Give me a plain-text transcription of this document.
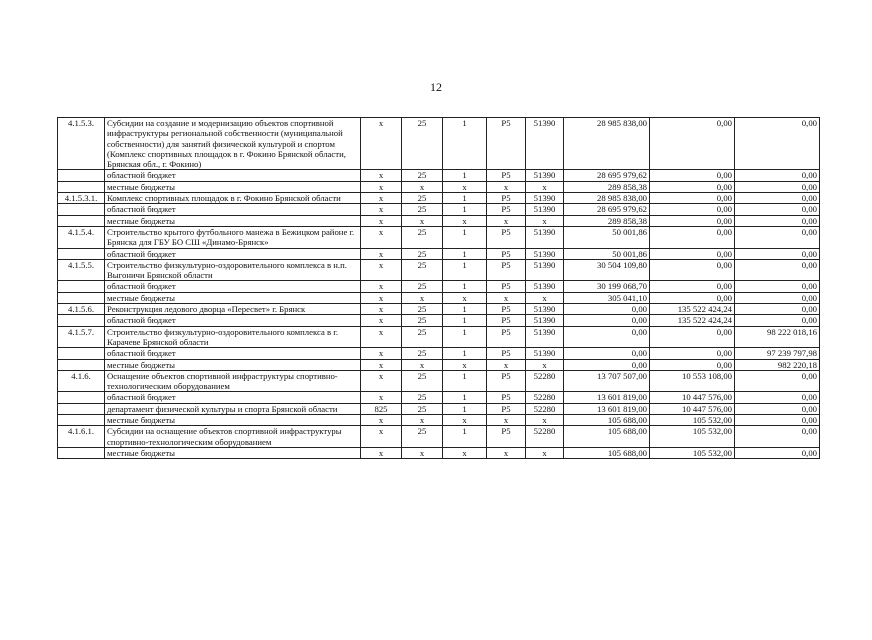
12
4.1.5.3.	Субсидии на создание и модернизацию объектов спортивной инфраструктуры региональной собственности (муниципальной собственности) для занятий физической культурой и спортом (Комплекс спортивных площадок в г. Фокино Брянской области, Брянская обл., г. Фокино)	х	25	1	P5	51390	28 985 838,00	0,00	0,00
	областной бюджет	х	25	1	P5	51390	28 695 979,62	0,00	0,00
	местные бюджеты	х	х	х	х	х	289 858,38	0,00	0,00
4.1.5.3.1.	Комплекс спортивных площадок в г. Фокино Брянской области	х	25	1	P5	51390	28 985 838,00	0,00	0,00
	областной бюджет	х	25	1	P5	51390	28 695 979,62	0,00	0,00
	местные бюджеты	х	х	х	х	х	289 858,38	0,00	0,00
4.1.5.4.	Строительство крытого футбольного манежа в Бежицком районе г. Брянска для ГБУ БО СШ «Динамо-Брянск»	х	25	1	P5	51390	50 001,86	0,00	0,00
	областной бюджет	х	25	1	P5	51390	50 001,86	0,00	0,00
4.1.5.5.	Строительство физкультурно-оздоровительного комплекса в н.п. Выгоничи Брянской области	х	25	1	P5	51390	30 504 109,80	0,00	0,00
	областной бюджет	х	25	1	P5	51390	30 199 068,70	0,00	0,00
	местные бюджеты	х	х	х	х	х	305 041,10	0,00	0,00
4.1.5.6.	Реконструкция ледового дворца «Пересвет» г. Брянск	х	25	1	P5	51390	0,00	135 522 424,24	0,00
	областной бюджет	х	25	1	P5	51390	0,00	135 522 424,24	0,00
4.1.5.7.	Строительство физкультурно-оздоровительного комплекса в г. Карачеве Брянской области	х	25	1	P5	51390	0,00	0,00	98 222 018,16
	областной бюджет	х	25	1	P5	51390	0,00	0,00	97 239 797,98
	местные бюджеты	х	х	х	х	х	0,00	0,00	982 220,18
4.1.6.	Оснащение объектов спортивной инфраструктуры спортивно-технологическим оборудованием	х	25	1	P5	52280	13 707 507,00	10 553 108,00	0,00
	областной бюджет	х	25	1	P5	52280	13 601 819,00	10 447 576,00	0,00
	департамент физической культуры и спорта Брянской области	825	25	1	P5	52280	13 601 819,00	10 447 576,00	0,00
	местные бюджеты	х	х	х	х	х	105 688,00	105 532,00	0,00
4.1.6.1.	Субсидии на оснащение объектов спортивной инфраструктуры спортивно-технологическим оборудованием	х	25	1	P5	52280	105 688,00	105 532,00	0,00
	местные бюджеты	х	х	х	х	х	105 688,00	105 532,00	0,00
